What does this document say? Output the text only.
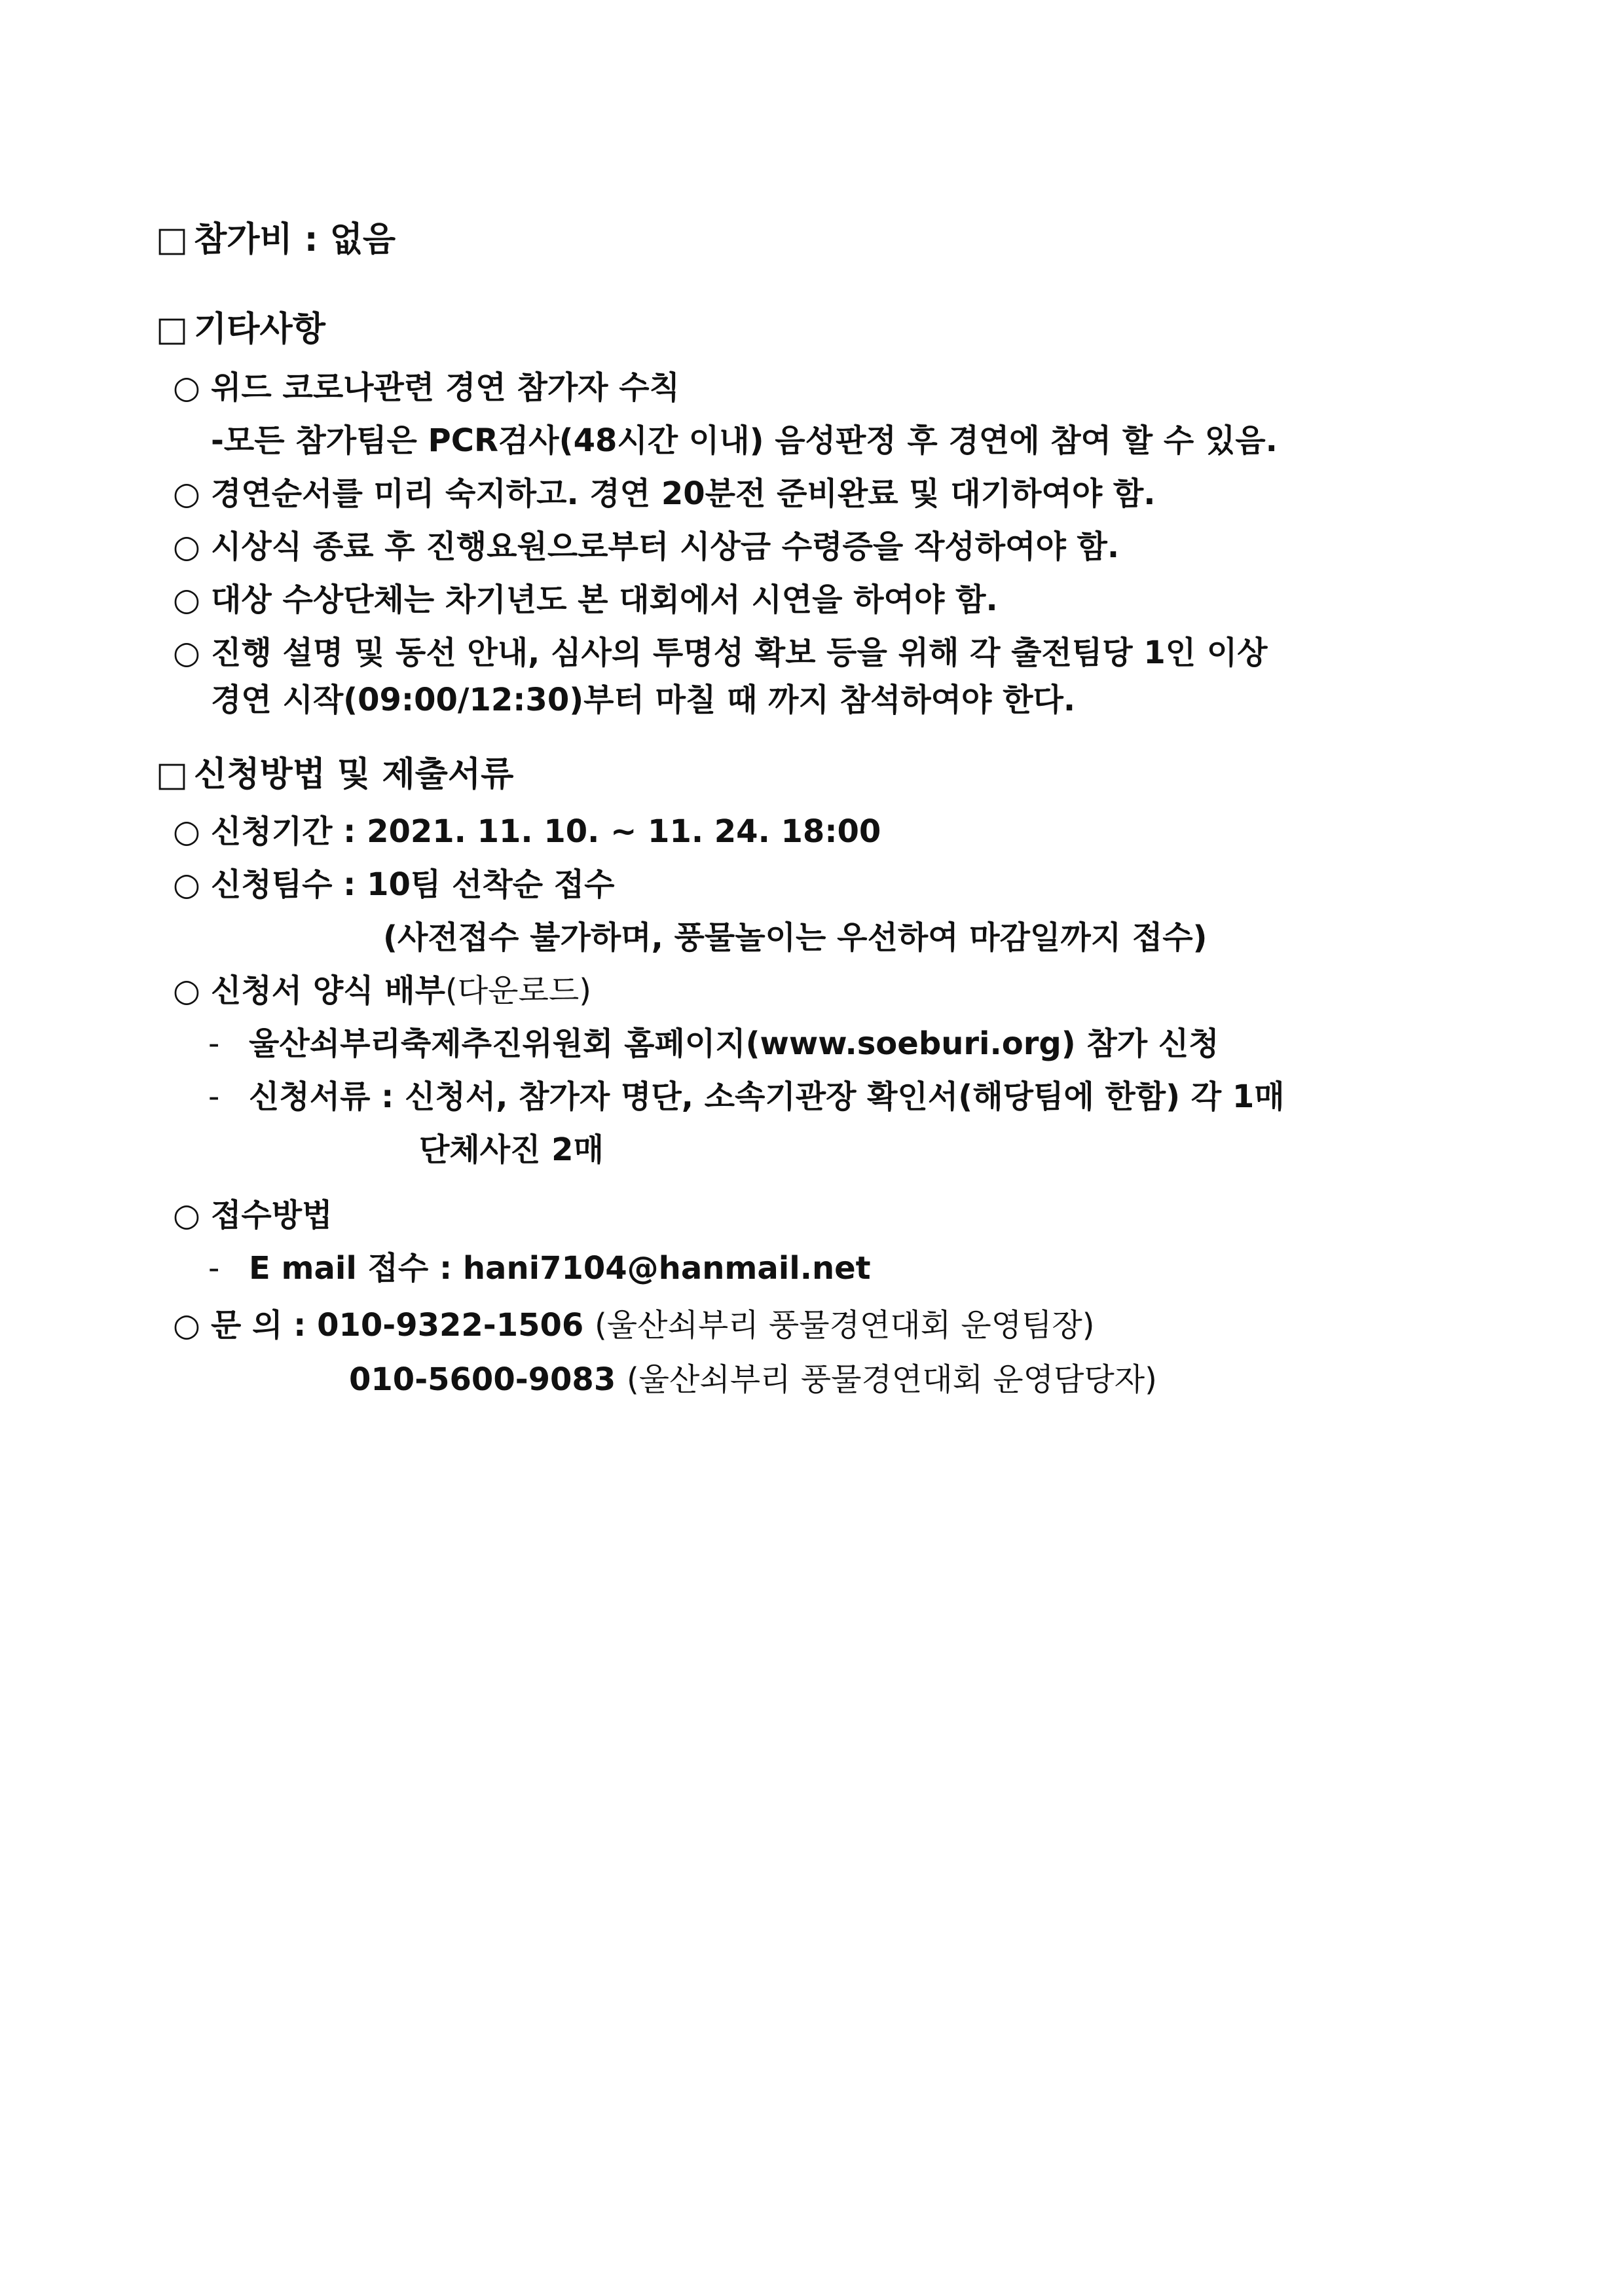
□ 참가비 : 없음
□ 기타사항
○ 위드 코로나관련 경연 참가자 수칙
-모든 참가팀은 PCR검사(48시간 이내) 음성판정 후 경연에 참여 할 수 있음.
○ 경연순서를 미리 숙지하고. 경연 20분전 준비완료 및 대기하여야 함.
○ 시상식 종료 후 진행요원으로부터 시상금 수령증을 작성하여야 함.
○ 대상 수상단체는 차기년도 본 대회에서 시연을 하여야 함.
○ 진행 설명 및 동선 안내, 심사의 투명성 확보 등을 위해 각 출전팀당 1인 이상
경연 시작(09:00/12:30)부터 마칠 때 까지 참석하여야 한다.
□ 신청방법 및 제출서류
○ 신청기간 : 2021. 11. 10. ~ 11. 24. 18:00
○ 신청팀수 : 10팀 선착순 접수
(사전접수 불가하며, 풍물놀이는 우선하여 마감일까지 접수)
○ 신청서 양식 배부(다운로드)
- 울산쇠부리축제추진위원회 홈페이지(www.soeburi.org) 참가 신청
- 신청서류 : 신청서, 참가자 명단, 소속기관장 확인서(해당팀에 한함) 각 1매
단체사진 2매
○ 접수방법
- E mail 접수 : hani7104@hanmail.net
○ 문 의 : 010-9322-1506 (울산쇠부리 풍물경연대회 운영팀장)
010-5600-9083 (울산쇠부리 풍물경연대회 운영담당자)
